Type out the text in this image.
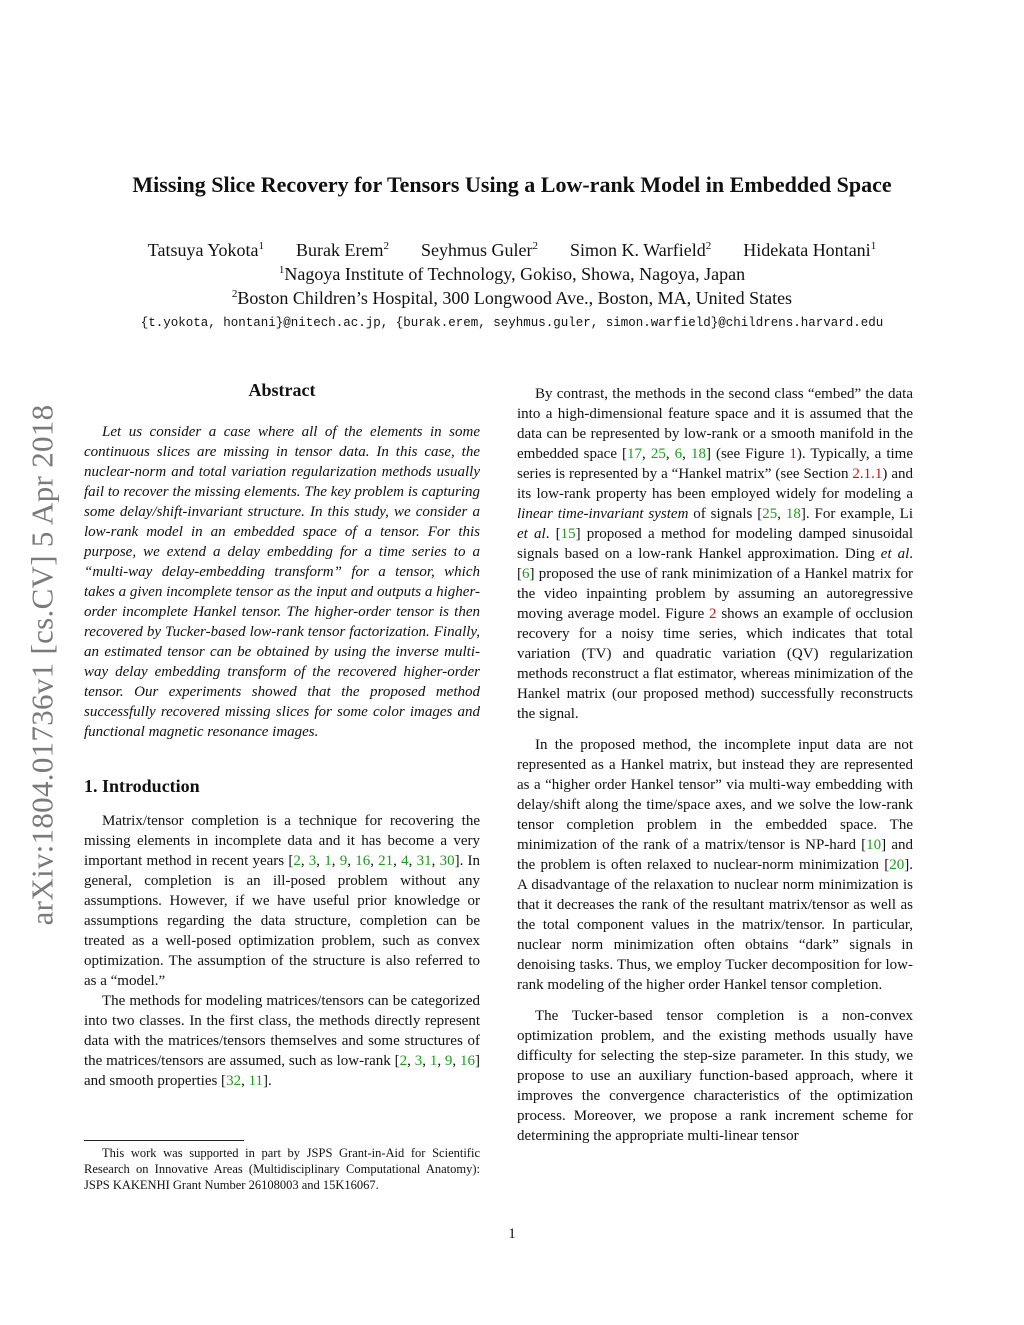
arXiv:1804.01736v1 [cs.CV] 5 Apr 2018
Missing Slice Recovery for Tensors Using a Low-rank Model in Embedded Space
Tatsuya Yokota$^1$ Burak Erem$^2$ Seyhmus Guler$^2$ Simon K. Warfield$^2$ Hidekata Hontani$^1$
$^1$Nagoya Institute of Technology, Gokiso, Showa, Nagoya, Japan
$^2$Boston Children’s Hospital, 300 Longwood Ave., Boston, MA, United States
{t.yokota, hontani}@nitech.ac.jp, {burak.erem, seyhmus.guler, simon.warfield}@childrens.harvard.edu
Abstract

Let us consider a case where all of the elements in some continuous slices are missing in tensor data. In this case, the nuclear-norm and total variation regularization methods usually fail to recover the missing elements. The key problem is capturing some delay/shift-invariant structure. In this study, we consider a low-rank model in an embedded space of a tensor. For this purpose, we extend a delay embedding for a time series to a “multi-way delay-embedding transform” for a tensor, which takes a given incomplete tensor as the input and outputs a higher-order incomplete Hankel tensor. The higher-order tensor is then recovered by Tucker-based low-rank tensor factorization. Finally, an estimated tensor can be obtained by using the inverse multi-way delay embedding transform of the recovered higher-order tensor. Our experiments showed that the proposed method successfully recovered missing slices for some color images and functional magnetic resonance images.

1. Introduction

Matrix/tensor completion is a technique for recovering the missing elements in incomplete data and it has become a very important method in recent years [2, 3, 1, 9, 16, 21, 4, 31, 30]. In general, completion is an ill-posed problem without any assumptions. However, if we have useful prior knowledge or assumptions regarding the data structure, completion can be treated as a well-posed optimization problem, such as convex optimization. The assumption of the structure is also referred to as a “model.”

The methods for modeling matrices/tensors can be categorized into two classes. In the first class, the methods directly represent data with the matrices/tensors themselves and some structures of the matrices/tensors are assumed, such as low-rank [2, 3, 1, 9, 16] and smooth properties [32, 11].

This work was supported in part by JSPS Grant-in-Aid for Scientific Research on Innovative Areas (Multidisciplinary Computational Anatomy): JSPS KAKENHI Grant Number 26108003 and 15K16067.

By contrast, the methods in the second class “embed” the data into a high-dimensional feature space and it is assumed that the data can be represented by low-rank or a smooth manifold in the embedded space [17, 25, 6, 18] (see Figure 1). Typically, a time series is represented by a “Hankel matrix” (see Section 2.1.1) and its low-rank property has been employed widely for modeling a linear time-invariant system of signals [25, 18]. For example, Li et al. [15] proposed a method for modeling damped sinusoidal signals based on a low-rank Hankel approximation. Ding et al. [6] proposed the use of rank minimization of a Hankel matrix for the video inpainting problem by assuming an autoregressive moving average model. Figure 2 shows an example of occlusion recovery for a noisy time series, which indicates that total variation (TV) and quadratic variation (QV) regularization methods reconstruct a flat estimator, whereas minimization of the Hankel matrix (our proposed method) successfully reconstructs the signal.

In the proposed method, the incomplete input data are not represented as a Hankel matrix, but instead they are represented as a “higher order Hankel tensor” via multi-way embedding with delay/shift along the time/space axes, and we solve the low-rank tensor completion problem in the embedded space. The minimization of the rank of a matrix/tensor is NP-hard [10] and the problem is often relaxed to nuclear-norm minimization [20]. A disadvantage of the relaxation to nuclear norm minimization is that it decreases the rank of the resultant matrix/tensor as well as the total component values in the matrix/tensor. In particular, nuclear norm minimization often obtains “dark” signals in denoising tasks. Thus, we employ Tucker decomposition for low-rank modeling of the higher order Hankel tensor completion.

The Tucker-based tensor completion is a non-convex optimization problem, and the existing methods usually have difficulty for selecting the step-size parameter. In this study, we propose to use an auxiliary function-based approach, where it improves the convergence characteristics of the optimization process. Moreover, we propose a rank increment scheme for determining the appropriate multi-linear tensor

1
